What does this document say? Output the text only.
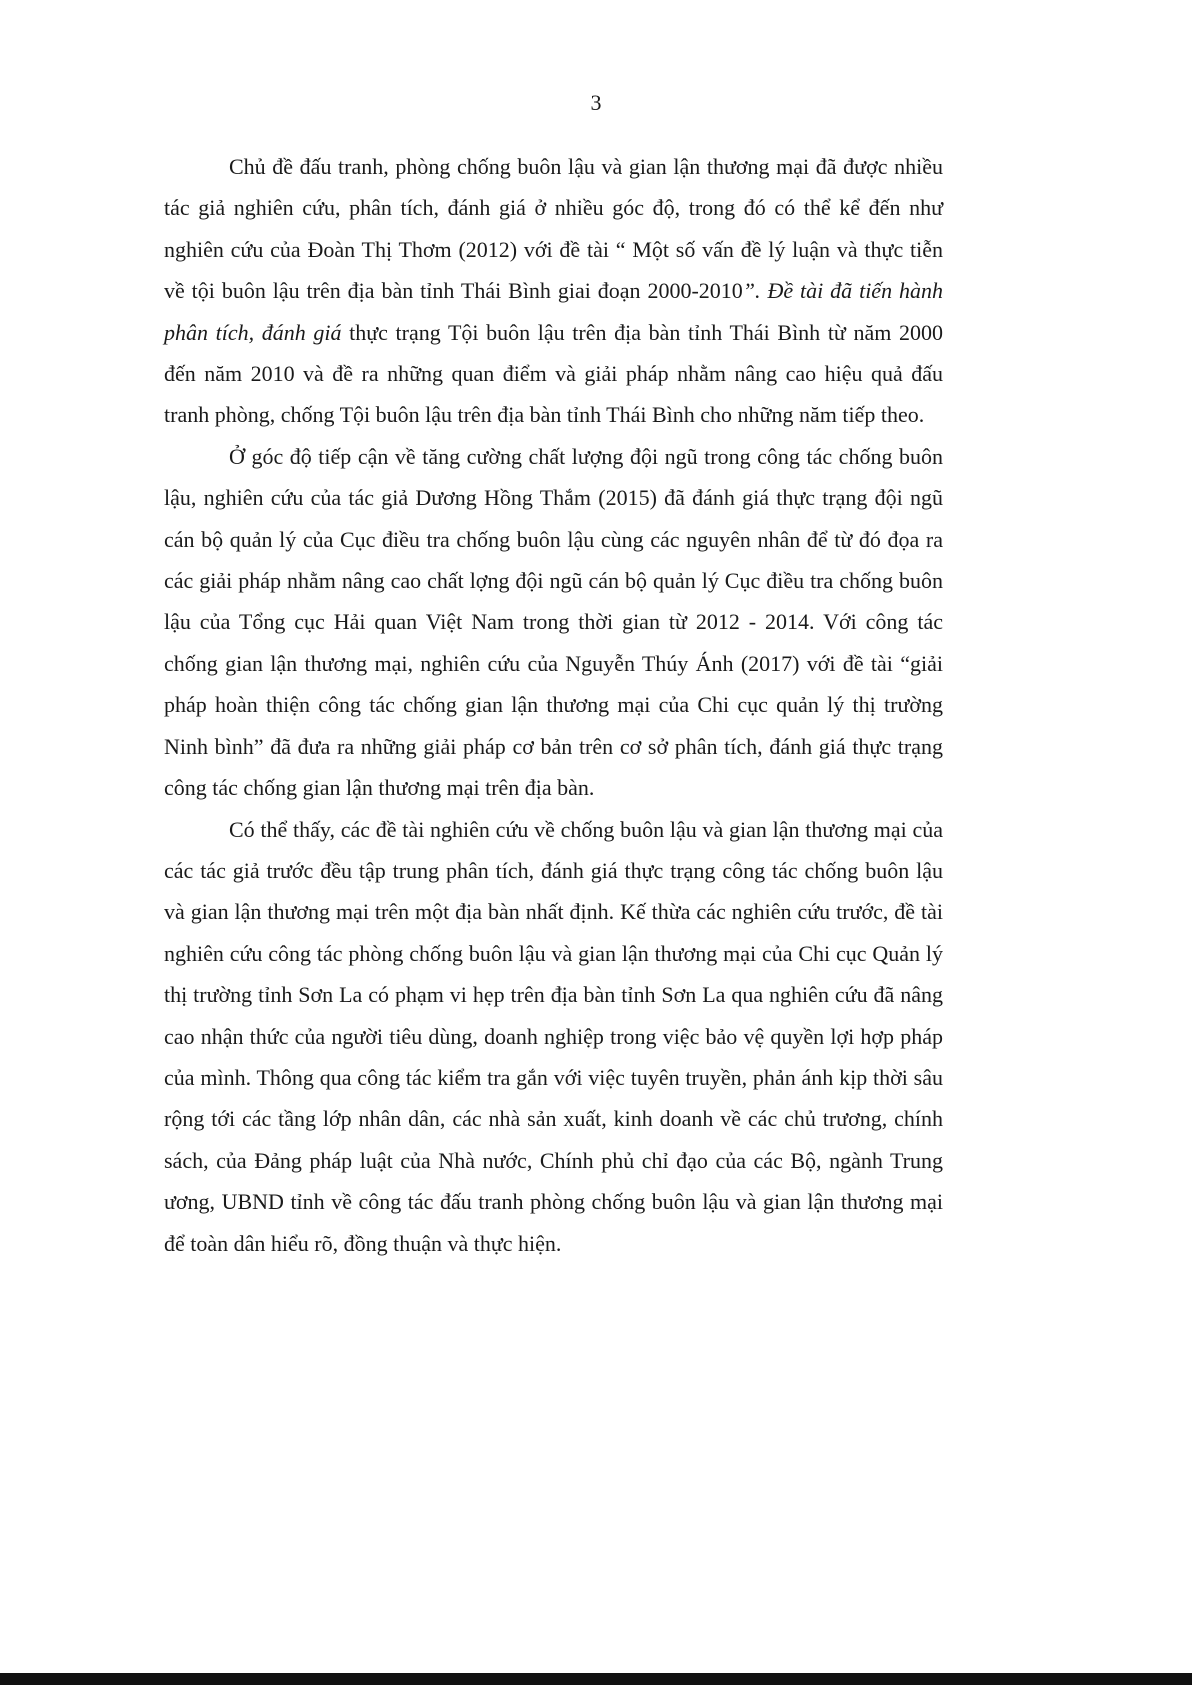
3

Chủ đề đấu tranh, phòng chống buôn lậu và gian lận thương mại đã được nhiều tác giả nghiên cứu, phân tích, đánh giá ở nhiều góc độ, trong đó có thể kể đến như nghiên cứu của Đoàn Thị Thơm (2012) với đề tài “ Một số vấn đề lý luận và thực tiễn về tội buôn lậu trên địa bàn tỉnh Thái Bình giai đoạn 2000-2010”. Đề tài đã tiến hành phân tích, đánh giá thực trạng Tội buôn lậu trên địa bàn tỉnh Thái Bình từ năm 2000 đến năm 2010 và đề ra những quan điểm và giải pháp nhằm nâng cao hiệu quả đấu tranh phòng, chống Tội buôn lậu trên địa bàn tỉnh Thái Bình cho những năm tiếp theo.

Ở góc độ tiếp cận về tăng cường chất lượng đội ngũ trong công tác chống buôn lậu, nghiên cứu của tác giả Dương Hồng Thắm (2015) đã đánh giá thực trạng đội ngũ cán bộ quản lý của Cục điều tra chống buôn lậu cùng các nguyên nhân để từ đó đọa ra các giải pháp nhằm nâng cao chất lợng đội ngũ cán bộ quản lý Cục điều tra chống buôn lậu của Tổng cục Hải quan Việt Nam trong thời gian từ 2012 - 2014. Với công tác chống gian lận thương mại, nghiên cứu của Nguyễn Thúy Ánh (2017) với đề tài “giải pháp hoàn thiện công tác chống gian lận thương mại của Chi cục quản lý thị trường Ninh bình” đã đưa ra những giải pháp cơ bản trên cơ sở phân tích, đánh giá thực trạng công tác chống gian lận thương mại trên địa bàn.

Có thể thấy, các đề tài nghiên cứu về chống buôn lậu và gian lận thương mại của các tác giả trước đều tập trung phân tích, đánh giá thực trạng công tác chống buôn lậu và gian lận thương mại trên một địa bàn nhất định. Kế thừa các nghiên cứu trước, đề tài nghiên cứu công tác phòng chống buôn lậu và gian lận thương mại của Chi cục Quản lý thị trường tỉnh Sơn La có phạm vi hẹp trên địa bàn tỉnh Sơn La qua nghiên cứu đã nâng cao nhận thức của người tiêu dùng, doanh nghiệp trong việc bảo vệ quyền lợi hợp pháp của mình. Thông qua công tác kiểm tra gắn với việc tuyên truyền, phản ánh kịp thời sâu rộng tới các tầng lớp nhân dân, các nhà sản xuất, kinh doanh về các chủ trương, chính sách, của Đảng pháp luật của Nhà nước, Chính phủ chỉ đạo của các Bộ, ngành Trung ương, UBND tỉnh về công tác đấu tranh phòng chống buôn lậu và gian lận thương mại để toàn dân hiểu rõ, đồng thuận và thực hiện.
